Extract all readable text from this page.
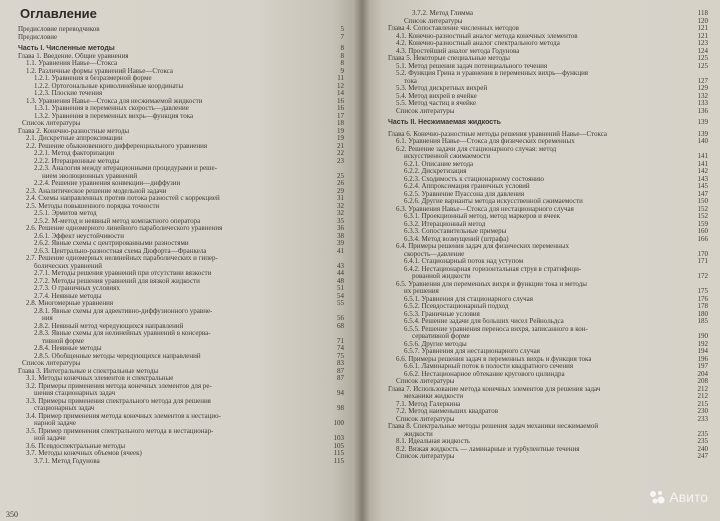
Оглавление
Предисловие переводчиков	5
Предисловие	7
Часть I. Численные методы	8
Глава 1. Введение. Общие уравнения	8
1.1. Уравнения Навье—Стокса	8
1.2. Различные формы уравнений Навье—Стокса	9
1.2.1. Уравнения в безразмерной форме	11
1.2.2. Ортогональные криволинейные координаты	12
1.2.3. Плоские течения	14
1.3. Уравнения Навье—Стокса для несжимаемой жидкости	16
1.3.1. Уравнения в переменных скорость—давление	16
1.3.2. Уравнения в переменных вихрь—функция тока	17
Список литературы	18
Глава 2. Конечно-разностные методы	19
2.1. Дискретные аппроксимации	19
2.2. Решение обыкновенного дифференциального уравнения	21
2.2.1. Метод факторизации	22
2.2.2. Итерационные методы	23
2.2.3. Аналогия между итерационными процедурами и реше-
нием эволюционных уравнений	25
2.2.4. Решение уравнения конвекции—диффузии	26
2.3. Аналитическое решение модельной задачи	29
2.4. Схемы направленных против потока разностей с коррекцией	31
2.5. Методы повышенного порядка точности	32
2.5.1. Эрмитов метод	32
2.5.2. М-метод и неявный метод компактного оператора	35
2.6. Решение одномерного линейного параболического уравнения	36
2.6.1. Эффект неустойчивости	38
2.6.2. Явные схемы с центрированными разностями	39
2.6.3. Центрально-разностная схема Дюфорта—Франкела	41
2.7. Решение одномерных нелинейных параболических и гипер-
болических уравнений	43
2.7.1. Методы решения уравнений при отсутствии вязкости	44
2.7.2. Методы решения уравнений для вязкой жидкости	48
2.7.3. О граничных условиях	51
2.7.4. Неявные методы	54
2.8. Многомерные уравнения	55
2.8.1. Явные схемы для адвективно-диффузионного уравне-
ния	56
2.8.2. Неявный метод чередующихся направлений	68
2.8.3. Явные схемы для нелинейных уравнений в консерва-
тивной форме	71
2.8.4. Неявные методы	74
2.8.5. Обобщенные методы чередующихся направлений	75
Список литературы	83
Глава 3. Интегральные и спектральные методы	87
3.1. Методы конечных элементов и спектральные	87
3.2. Примеры применения метода конечных элементов для ре-
шения стационарных задач	94
3.3. Примеры применения спектрального метода для решения
стационарных задач	98
3.4. Пример применения метода конечных элементов к нестацио-
нарной задаче	100
3.5. Пример применения спектрального метода в нестационар-
ной задаче	103
3.6. Псевдоспектральные методы	105
3.7. Методы конечных объемов (ячеек)	115
3.7.1. Метод Годунова	115
350
3.7.2. Метод Глимма	118
Список литературы	120
Глава 4. Сопоставление численных методов	121
4.1. Конечно-разностный аналог метода конечных элементов	121
4.2. Конечно-разностный аналог спектрального метода	123
4.3. Простейший аналог метода Годунова	124
Глава 5. Некоторые специальные методы	125
5.1. Метод решения задач потенциального течения	125
5.2. Функция Грина и уравнения в переменных вихрь—функция
тока	127
5.3. Метод дискретных вихрей	129
5.4. Метод вихрей в ячейке	132
5.5. Метод частиц в ячейке	133
Список литературы	136
Часть II. Несжимаемая жидкость	139
Глава 6. Конечно-разностные методы решения уравнений Навье—Стокса	139
6.1. Уравнения Навье—Стокса для физических переменных	140
6.2. Решение задачи для стационарного случая: метод
искусственной сжимаемости	141
6.2.1. Описание метода	141
6.2.2. Дискретизация	142
6.2.3. Сходимость к стационарному состоянию	143
6.2.4. Аппроксимация граничных условий	145
6.2.5. Уравнение Пуассона для давления	147
6.2.6. Другие варианты метода искусственной сжимаемости	150
6.3. Уравнения Навье—Стокса для нестационарного случая	152
6.3.1. Проекционный метод, метод маркеров и ячеек	152
6.3.2. Итерационный метод	159
6.3.3. Сопоставительные примеры	160
6.3.4. Метод возмущений (штрафа)	166
6.4. Примеры решения задач для физических переменных
скорость—давление	170
6.4.1. Стационарный поток над уступом	171
6.4.2. Нестационарная горизонтальная струя в стратифици-
рованной жидкости	172
6.5. Уравнения для переменных вихря и функции тока и методы
их решения	175
6.5.1. Уравнения для стационарного случая	176
6.5.2. Псевдостационарный подход	178
6.5.3. Граничные условия	180
6.5.4. Решение задачи для больших чисел Рейнольдса	185
6.5.5. Решение уравнения переноса вихря, записанного в кон-
сервативной форме	190
6.5.6. Другие методы	192
6.5.7. Уравнения для нестационарного случая	194
6.6. Примеры решения задач в переменных вихрь и функция тока	196
6.6.1. Ламинарный поток в полости квадратного сечения	197
6.6.2. Нестационарное обтекание кругового цилиндра	204
Список литературы	208
Глава 7. Использование метода конечных элементов для решения задач	212
механики жидкости	212
7.1. Метод Галеркина	215
7.2. Метод наименьших квадратов	230
Список литературы	233
Глава 8. Спектральные методы решения задач механики несжимаемой
жидкости	235
8.1. Идеальная жидкость	235
8.2. Вязкая жидкость — ламинарные и турбулентные течения	240
Список литературы	247
Авито
